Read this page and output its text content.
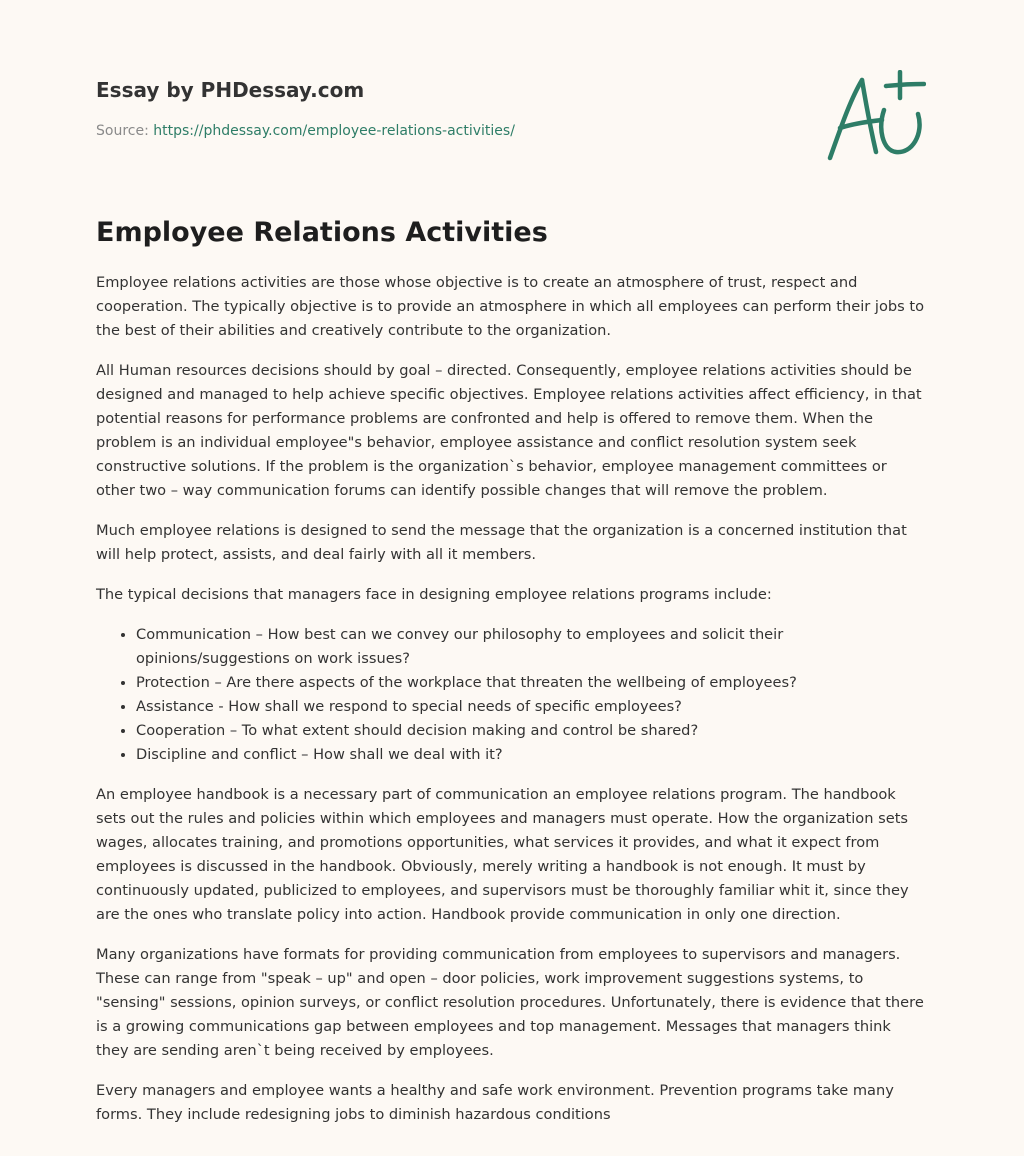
Essay by PHDessay.com
Source: https://phdessay.com/employee-relations-activities/
Employee Relations Activities

Employee relations activities are those whose objective is to create an atmosphere of trust, respect and cooperation. The typically objective is to provide an atmosphere in which all employees can perform their jobs to the best of their abilities and creatively contribute to the organization.

All Human resources decisions should by goal – directed. Consequently, employee relations activities should be designed and managed to help achieve specific objectives. Employee relations activities affect efficiency, in that potential reasons for performance problems are confronted and help is offered to remove them. When the problem is an individual employee"s behavior, employee assistance and conflict resolution system seek constructive solutions. If the problem is the organization`s behavior, employee management committees or other two – way communication forums can identify possible changes that will remove the problem.

Much employee relations is designed to send the message that the organization is a concerned institution that will help protect, assists, and deal fairly with all it members.

The typical decisions that managers face in designing employee relations programs include:

• Communication – How best can we convey our philosophy to employees and solicit their opinions/suggestions on work issues?
• Protection – Are there aspects of the workplace that threaten the wellbeing of employees?
• Assistance - How shall we respond to special needs of specific employees?
• Cooperation – To what extent should decision making and control be shared?
• Discipline and conflict – How shall we deal with it?

An employee handbook is a necessary part of communication an employee relations program. The handbook sets out the rules and policies within which employees and managers must operate. How the organization sets wages, allocates training, and promotions opportunities, what services it provides, and what it expect from employees is discussed in the handbook. Obviously, merely writing a handbook is not enough. It must by continuously updated, publicized to employees, and supervisors must be thoroughly familiar whit it, since they are the ones who translate policy into action. Handbook provide communication in only one direction.

Many organizations have formats for providing communication from employees to supervisors and managers. These can range from "speak – up" and open – door policies, work improvement suggestions systems, to "sensing" sessions, opinion surveys, or conflict resolution procedures. Unfortunately, there is evidence that there is a growing communications gap between employees and top management. Messages that managers think they are sending aren`t being received by employees.

Every managers and employee wants a healthy and safe work environment. Prevention programs take many forms. They include redesigning jobs to diminish hazardous conditions
